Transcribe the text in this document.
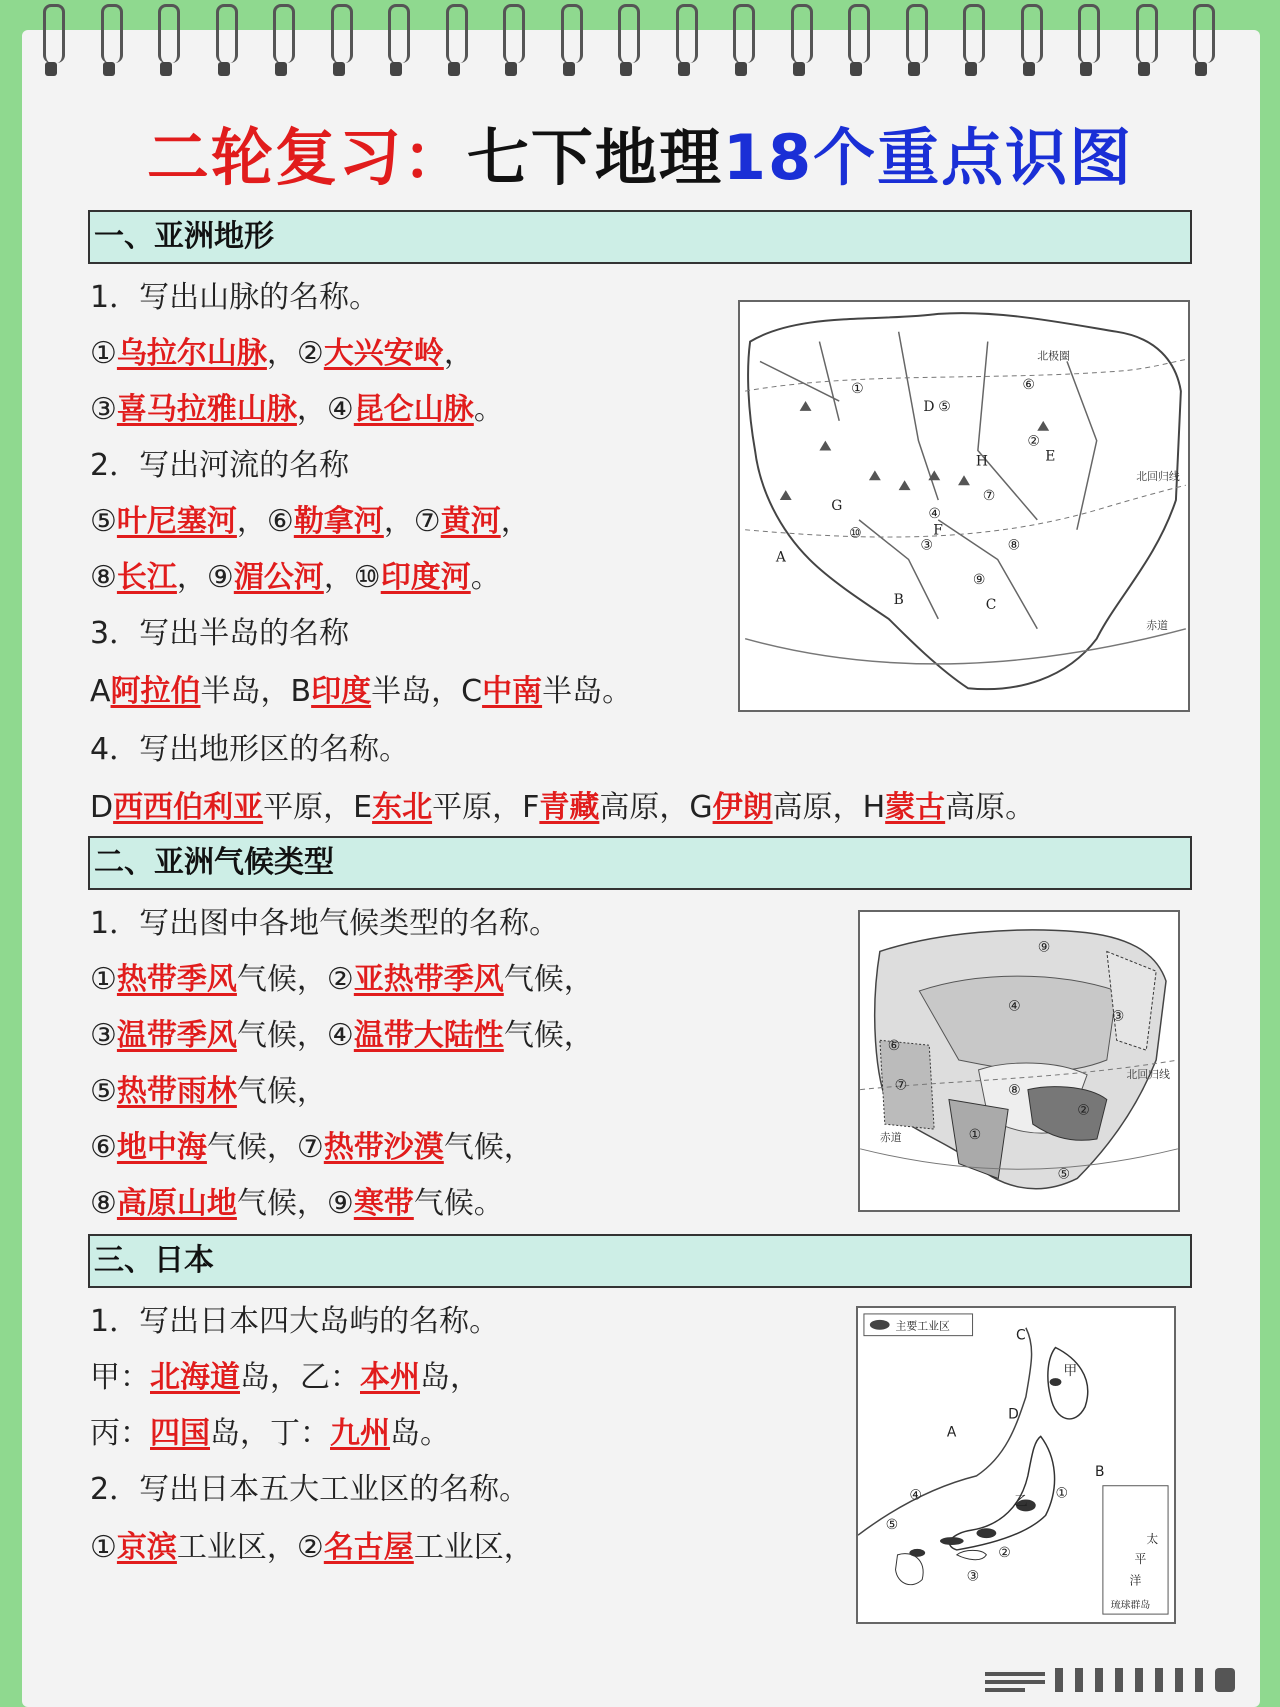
二轮复习：七下地理18个重点识图
一、亚洲地形
1．写出山脉的名称。
①乌拉尔山脉，②大兴安岭，
③喜马拉雅山脉，④昆仑山脉。
2．写出河流的名称
⑤叶尼塞河，⑥勒拿河，⑦黄河，
⑧长江，⑨湄公河，⑩印度河。
3．写出半岛的名称
A阿拉伯半岛，B印度半岛，C中南半岛。
4．写出地形区的名称。
D西西伯利亚平原，E东北平原，F青藏高原，G伊朗高原，H蒙古高原。
①
②
③
④
⑤
⑥
⑦
⑧
⑨
⑩
A
B	C
D
E
F
G
H
北极圈
北回归线
赤道
二、亚洲气候类型
1．写出图中各地气候类型的名称。
①热带季风气候，②亚热带季风气候，
③温带季风气候，④温带大陆性气候，
⑤热带雨林气候，
⑥地中海气候，⑦热带沙漠气候，
⑧高原山地气候，⑨寒带气候。
①
②
③
④
⑤
⑥
⑦	⑧
⑨
北回归线
赤道
三、日本
1．写出日本四大岛屿的名称。
甲：北海道岛，乙：本州岛，
丙：四国岛，丁：九州岛。
2．写出日本五大工业区的名称。
①京滨工业区，②名古屋工业区，
主要工业区
①
②
③
④
⑤
A
B
C
D
甲
乙
太
平
洋
琉球群岛
